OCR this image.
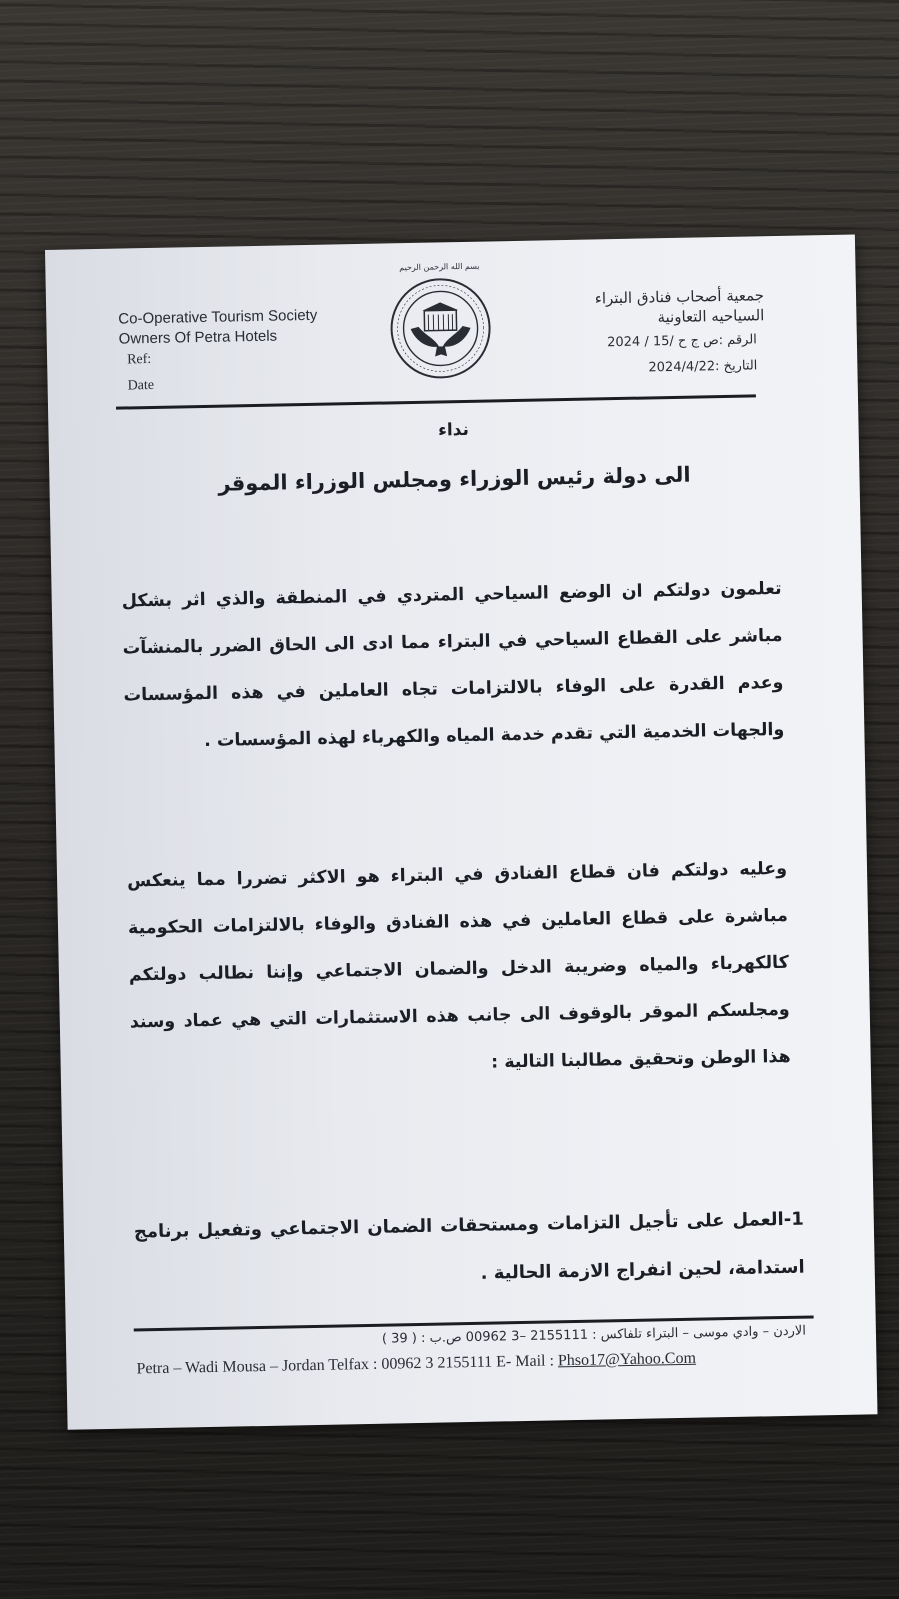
Co-Operative Tourism Society
Owners Of Petra Hotels
Ref:
Date
بسم الله الرحمن الرحيم
جمعية أصحاب فنادق البتراء
السياحيه التعاونية
الرقم :ص ج ح /15 / 2024
التاريخ :2024/4/22
نداء
الى دولة رئيس الوزراء ومجلس الوزراء الموقر
تعلمون دولتكم ان الوضع السياحي المتردي في المنطقة والذي اثر بشكل مباشر على القطاع السياحي في البتراء مما ادى الى الحاق الضرر بالمنشآت وعدم القدرة على الوفاء بالالتزامات تجاه العاملين في هذه المؤسسات والجهات الخدمية التي تقدم خدمة المياه والكهرباء لهذه المؤسسات .
وعليه دولتكم فان قطاع الفنادق في البتراء هو الاكثر تضررا مما ينعكس مباشرة على قطاع العاملين في هذه الفنادق والوفاء بالالتزامات الحكومية كالكهرباء والمياه وضريبة الدخل والضمان الاجتماعي وإننا نطالب دولتكم ومجلسكم الموقر بالوقوف الى جانب هذه الاستثمارات التي هي عماد وسند هذا الوطن وتحقيق مطالبنا التالية :
1-العمل على تأجيل التزامات ومستحقات الضمان الاجتماعي وتفعيل برنامج استدامة، لحين انفراج الازمة الحالية .
الاردن – وادي موسى – البتراء تلفاكس : 2155111 –3 00962 ص.ب : ( 39 )
Petra – Wadi Mousa – Jordan Telfax : 00962 3 2155111 E- Mail : Phso17@Yahoo.Com
